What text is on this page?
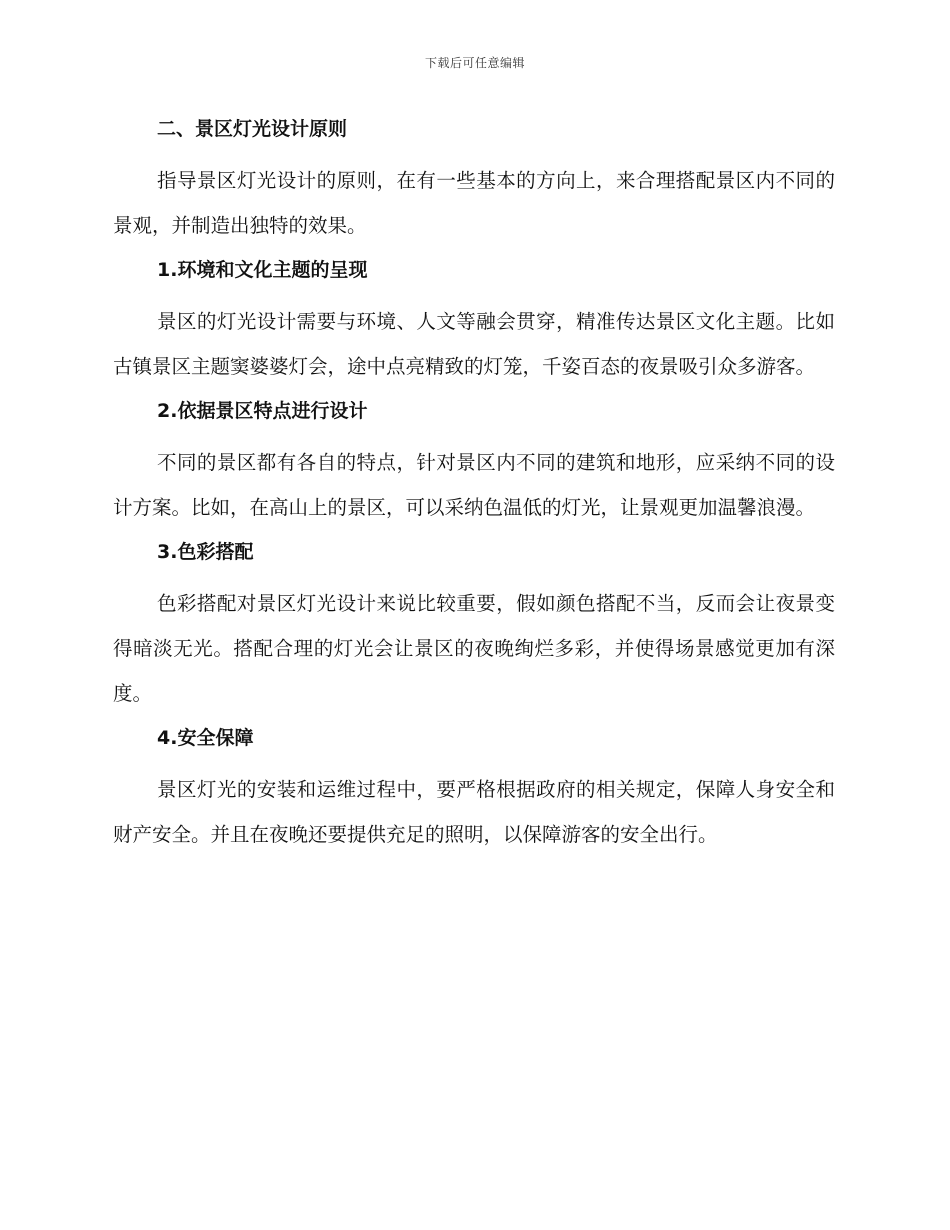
下载后可任意编辑
二、景区灯光设计原则
指导景区灯光设计的原则，在有一些基本的方向上，来合理搭配景区内不同的景观，并制造出独特的效果。
1.环境和文化主题的呈现
景区的灯光设计需要与环境、人文等融会贯穿，精准传达景区文化主题。比如古镇景区主题窦婆婆灯会，途中点亮精致的灯笼，千姿百态的夜景吸引众多游客。
2.依据景区特点进行设计
不同的景区都有各自的特点，针对景区内不同的建筑和地形，应采纳不同的设计方案。比如，在高山上的景区，可以采纳色温低的灯光，让景观更加温馨浪漫。
3.色彩搭配
色彩搭配对景区灯光设计来说比较重要，假如颜色搭配不当，反而会让夜景变得暗淡无光。搭配合理的灯光会让景区的夜晚绚烂多彩，并使得场景感觉更加有深度。
4.安全保障
景区灯光的安装和运维过程中，要严格根据政府的相关规定，保障人身安全和财产安全。并且在夜晚还要提供充足的照明，以保障游客的安全出行。
